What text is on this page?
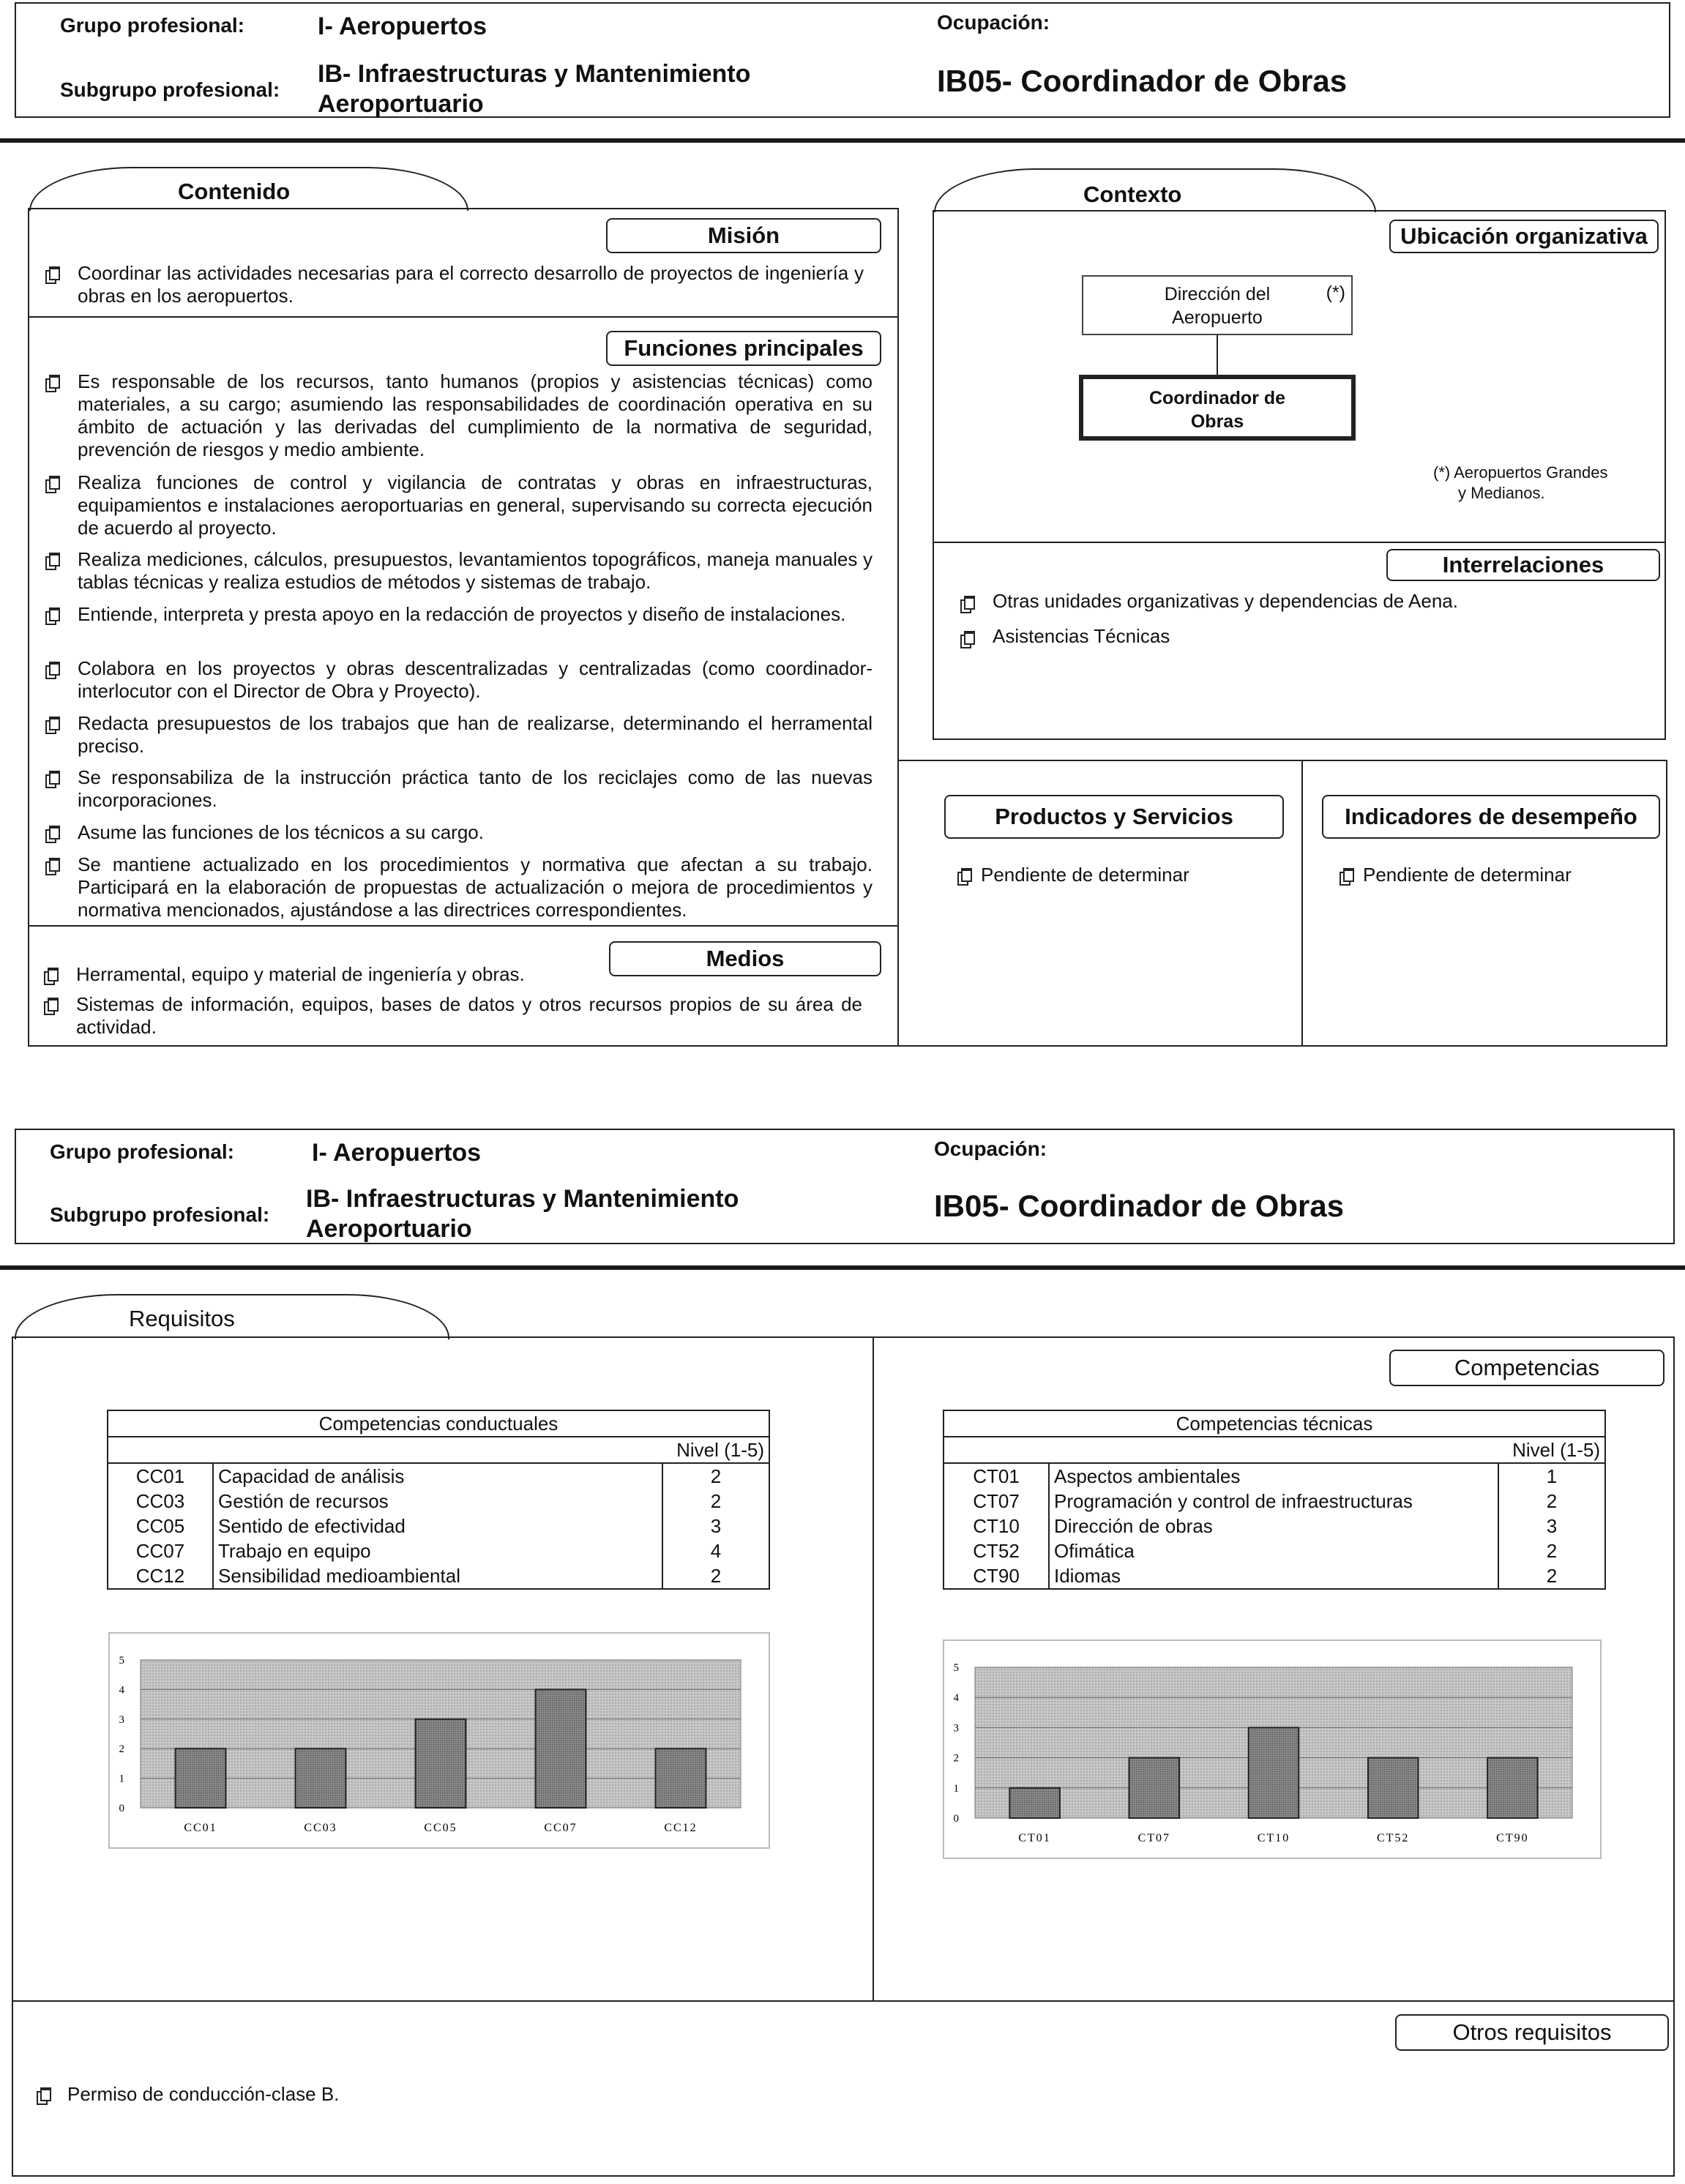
Grupo profesional:	I- Aeropuertos
Subgrupo profesional:
IB- Infraestructuras y Mantenimiento
Aeroportuario
Ocupación:
IB05- Coordinador de Obras
Contenido
Misión
Coordinar las actividades necesarias para el correcto desarrollo de proyectos de ingeniería y obras en los aeropuertos.
Funciones principales
Es responsable de los recursos, tanto humanos (propios y asistencias técnicas) como materiales, a su cargo; asumiendo las responsabilidades de coordinación operativa en su ámbito de actuación y las derivadas del cumplimiento de la normativa de seguridad, prevención de riesgos y medio ambiente.
Realiza funciones de control y vigilancia de contratas y obras en infraestructuras, equipamientos e instalaciones aeroportuarias en general, supervisando su correcta ejecución de acuerdo al proyecto.
Realiza mediciones, cálculos, presupuestos, levantamientos topográficos, maneja manuales y tablas técnicas y realiza estudios de métodos y sistemas de trabajo.
Entiende, interpreta y presta apoyo en la redacción de proyectos y diseño de instalaciones.
Colabora en los proyectos y obras descentralizadas y centralizadas (como coordinador-interlocutor con el Director de Obra y Proyecto).
Redacta presupuestos de los trabajos que han de realizarse, determinando el herramental preciso.
Se responsabiliza de la instrucción práctica tanto de los reciclajes como de las nuevas incorporaciones.
Asume las funciones de los técnicos a su cargo.
Se mantiene actualizado en los procedimientos y normativa que afectan a su trabajo. Participará en la elaboración de propuestas de actualización o mejora de procedimientos y normativa mencionados, ajustándose a las directrices correspondientes.
Medios
Herramental, equipo y material de ingeniería y obras.
Sistemas de información, equipos, bases de datos y otros recursos propios de su área de actividad.
Contexto
Ubicación organizativa
Dirección del
Aeropuerto
(*)
Coordinador de
Obras
(*) Aeropuertos Grandes
y Medianos.
Interrelaciones
Otras unidades organizativas y dependencias de Aena.
Asistencias Técnicas
Productos y Servicios	Indicadores de desempeño
Pendiente de determinar	Pendiente de determinar
Grupo profesional:	I- Aeropuertos
Subgrupo profesional:
IB- Infraestructuras y Mantenimiento
Aeroportuario
Ocupación:
IB05- Coordinador de Obras
Requisitos
Competencias
Competencias conductuales		
Nivel (1-5)		
CC01	Capacidad de análisis	2
CC03	Gestión de recursos	2
CC05	Sentido de efectividad	3
CC07	Trabajo en equipo	4
CC12	Sensibilidad medioambiental	2
Competencias técnicas		
Nivel (1-5)		
CT01	Aspectos ambientales	1
CT07	Programación y control de infraestructuras	2
CT10	Dirección de obras	3
CT52	Ofimática	2
CT90	Idiomas	2
0
1
2
3
4
5
CC01	CC03	CC05	CC07	CC12
0
1
2
3
4
5
CT01	CT07	CT10	CT52	CT90
Otros requisitos
Permiso de conducción-clase B.
